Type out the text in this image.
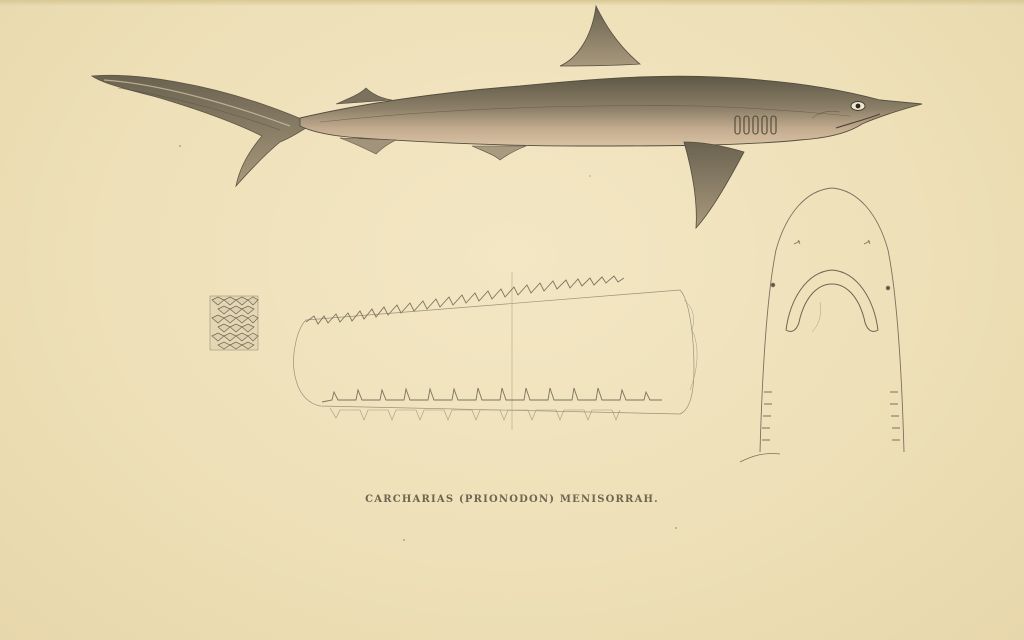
CARCHARIAS (PRIONODON) MENISORRAH.
